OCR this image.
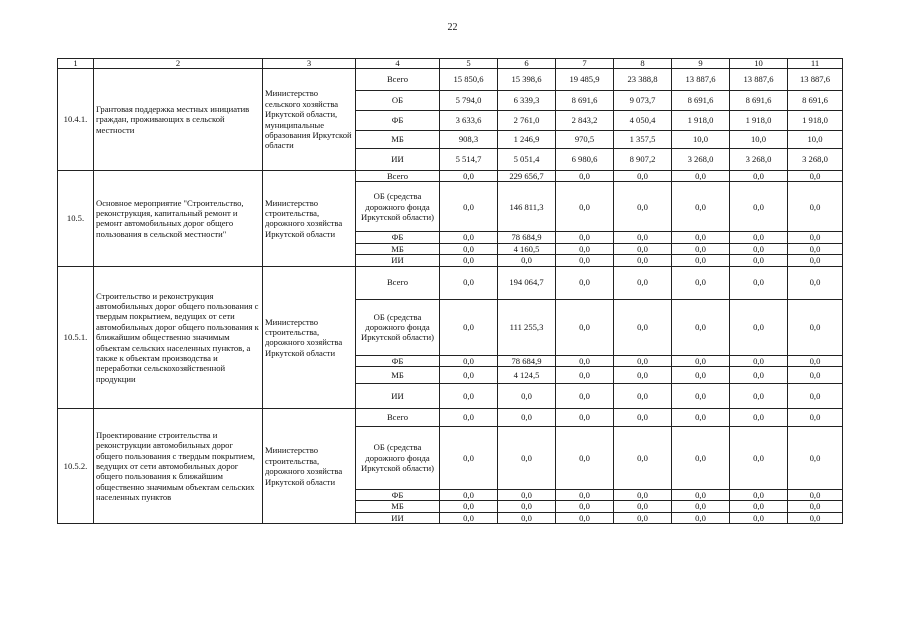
22
1	2	3	4	5	6	7	8	9	10	11
10.4.1.	Грантовая поддержка местных инициатив граждан, проживающих в сельской местности	Министерство сельского хозяйства Иркутской области, муниципальные образования Иркутской области	Всего	15 850,6	15 398,6	19 485,9	23 388,8	13 887,6	13 887,6	13 887,6
			ОБ	5 794,0	6 339,3	8 691,6	9 073,7	8 691,6	8 691,6	8 691,6
			ФБ	3 633,6	2 761,0	2 843,2	4 050,4	1 918,0	1 918,0	1 918,0
			МБ	908,3	1 246,9	970,5	1 357,5	10,0	10,0	10,0
			ИИ	5 514,7	5 051,4	6 980,6	8 907,2	3 268,0	3 268,0	3 268,0
10.5.	Основное мероприятие "Строительство, реконструкция, капитальный ремонт и ремонт автомобильных дорог общего пользования в сельской местности"	Министерство строительства, дорожного хозяйства Иркутской области	Всего	0,0	229 656,7	0,0	0,0	0,0	0,0	0,0
			ОБ (средства дорожного фонда Иркутской области)	0,0	146 811,3	0,0	0,0	0,0	0,0	0,0
			ФБ	0,0	78 684,9	0,0	0,0	0,0	0,0	0,0
			МБ	0,0	4 160,5	0,0	0,0	0,0	0,0	0,0
			ИИ	0,0	0,0	0,0	0,0	0,0	0,0	0,0
10.5.1.	Строительство и реконструкция автомобильных дорог общего пользования с твердым покрытием, ведущих от сети автомобильных дорог общего пользования к ближайшим общественно значимым объектам сельских населенных пунктов, а также к объектам производства и переработки сельскохозяйственной продукции	Министерство строительства, дорожного хозяйства Иркутской области	Всего	0,0	194 064,7	0,0	0,0	0,0	0,0	0,0
			ОБ (средства дорожного фонда Иркутской области)	0,0	111 255,3	0,0	0,0	0,0	0,0	0,0
			ФБ	0,0	78 684,9	0,0	0,0	0,0	0,0	0,0
			МБ	0,0	4 124,5	0,0	0,0	0,0	0,0	0,0
			ИИ	0,0	0,0	0,0	0,0	0,0	0,0	0,0
10.5.2.	Проектирование строительства и реконструкции автомобильных дорог общего пользования с твердым покрытием, ведущих от сети автомобильных дорог общего пользования к ближайшим общественно значимым объектам сельских населенных пунктов	Министерство строительства, дорожного хозяйства Иркутской области	Всего	0,0	0,0	0,0	0,0	0,0	0,0	0,0
			ОБ (средства дорожного фонда Иркутской области)	0,0	0,0	0,0	0,0	0,0	0,0	0,0
			ФБ	0,0	0,0	0,0	0,0	0,0	0,0	0,0
			МБ	0,0	0,0	0,0	0,0	0,0	0,0	0,0
			ИИ	0,0	0,0	0,0	0,0	0,0	0,0	0,0
